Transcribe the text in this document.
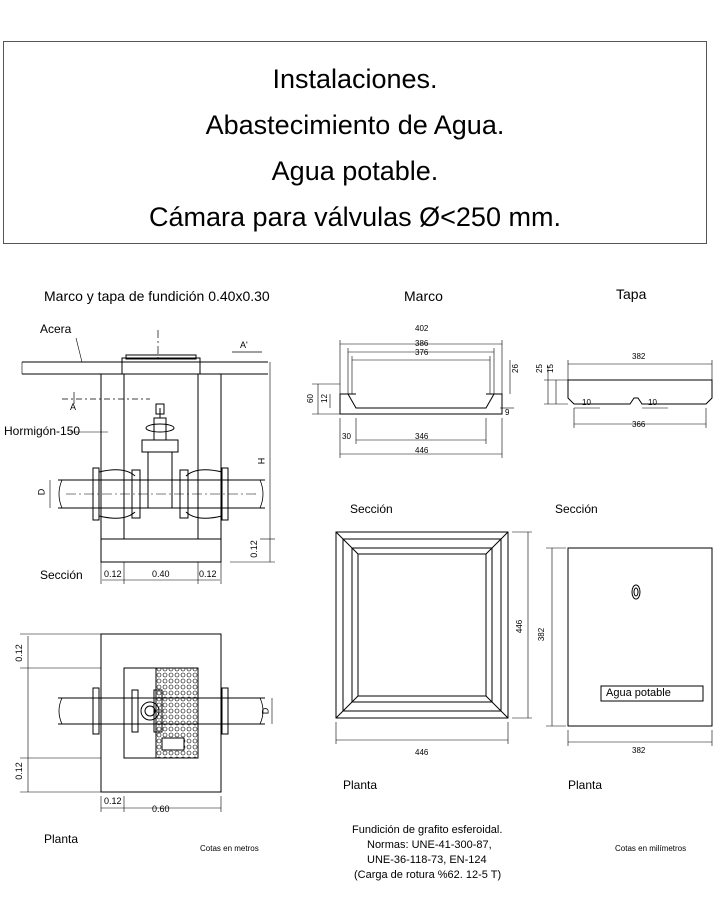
Instalaciones.
Abastecimiento de Agua.
Agua potable.
Cámara para válvulas Ø<250 mm.
Marco y tapa de fundición 0.40x0.30	Marco	Tapa
Acera
Hormigón-150
A
A'
H
D
0.12
0.12	0.40	0.12
Sección
0.12
0.12
D
0.12
0.60
Planta
Cotas en metros
402
386
376
26
60 12
9
30	346
446
382
25 15
10	10
366
Sección	Sección
446
446
382
382
Agua potable
Planta	Planta
Fundición de grafito esferoidal.
Normas: UNE-41-300-87,
UNE-36-118-73, EN-124
(Carga de rotura %62. 12-5 T)
Cotas en milímetros
